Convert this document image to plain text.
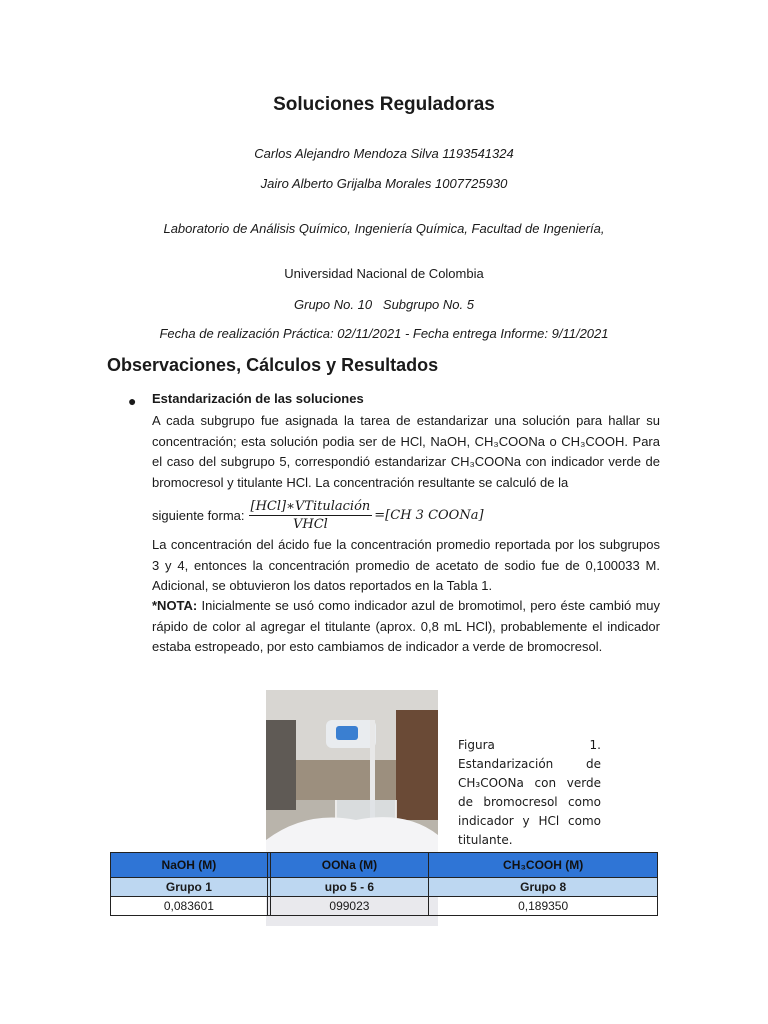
Soluciones Reguladoras
Carlos Alejandro Mendoza Silva 1193541324
Jairo Alberto Grijalba Morales 1007725930
Laboratorio de Análisis Químico, Ingeniería Química, Facultad de Ingeniería,
Universidad Nacional de Colombia
Grupo No. 10   Subgrupo No. 5
Fecha de realización Práctica: 02/11/2021 - Fecha entrega Informe: 9/11/2021
Observaciones, Cálculos y Resultados
● Estandarización de las soluciones

A cada subgrupo fue asignada la tarea de estandarizar una solución para hallar su concentración; esta solución podia ser de HCl, NaOH, CH₃COONa o CH₃COOH. Para el caso del subgrupo 5, correspondió estandarizar CH₃COONa con indicador verde de bromocresol y titulante HCl. La concentración resultante se calculó de la

siguiente forma: $\frac{\text{[HCl]∗VTitulación}}{\text{VHCl}} =[CH$ 3 COONa]

La concentración del ácido fue la concentración promedio reportada por los subgrupos 3 y 4, entonces la concentración promedio de acetato de sodio fue de 0,100033 M. Adicional, se obtuvieron los datos reportados en la Tabla 1.

*NOTA: Inicialmente se usó como indicador azul de bromotimol, pero éste cambió muy rápido de color al agregar el titulante (aprox. 0,8 mL HCl), probablemente el indicador estaba estropeado, por esto cambiamos de indicador a verde de bromocresol.

Figura 1. Estandarización de CH₃COONa con verde de bromocresol como indicador y HCl como titulante.
NaOH (M)		OONa (M)	CH₃COOH (M)
Grupo 1		upo 5 - 6	Grupo 8
0,083601		099023	0,189350
